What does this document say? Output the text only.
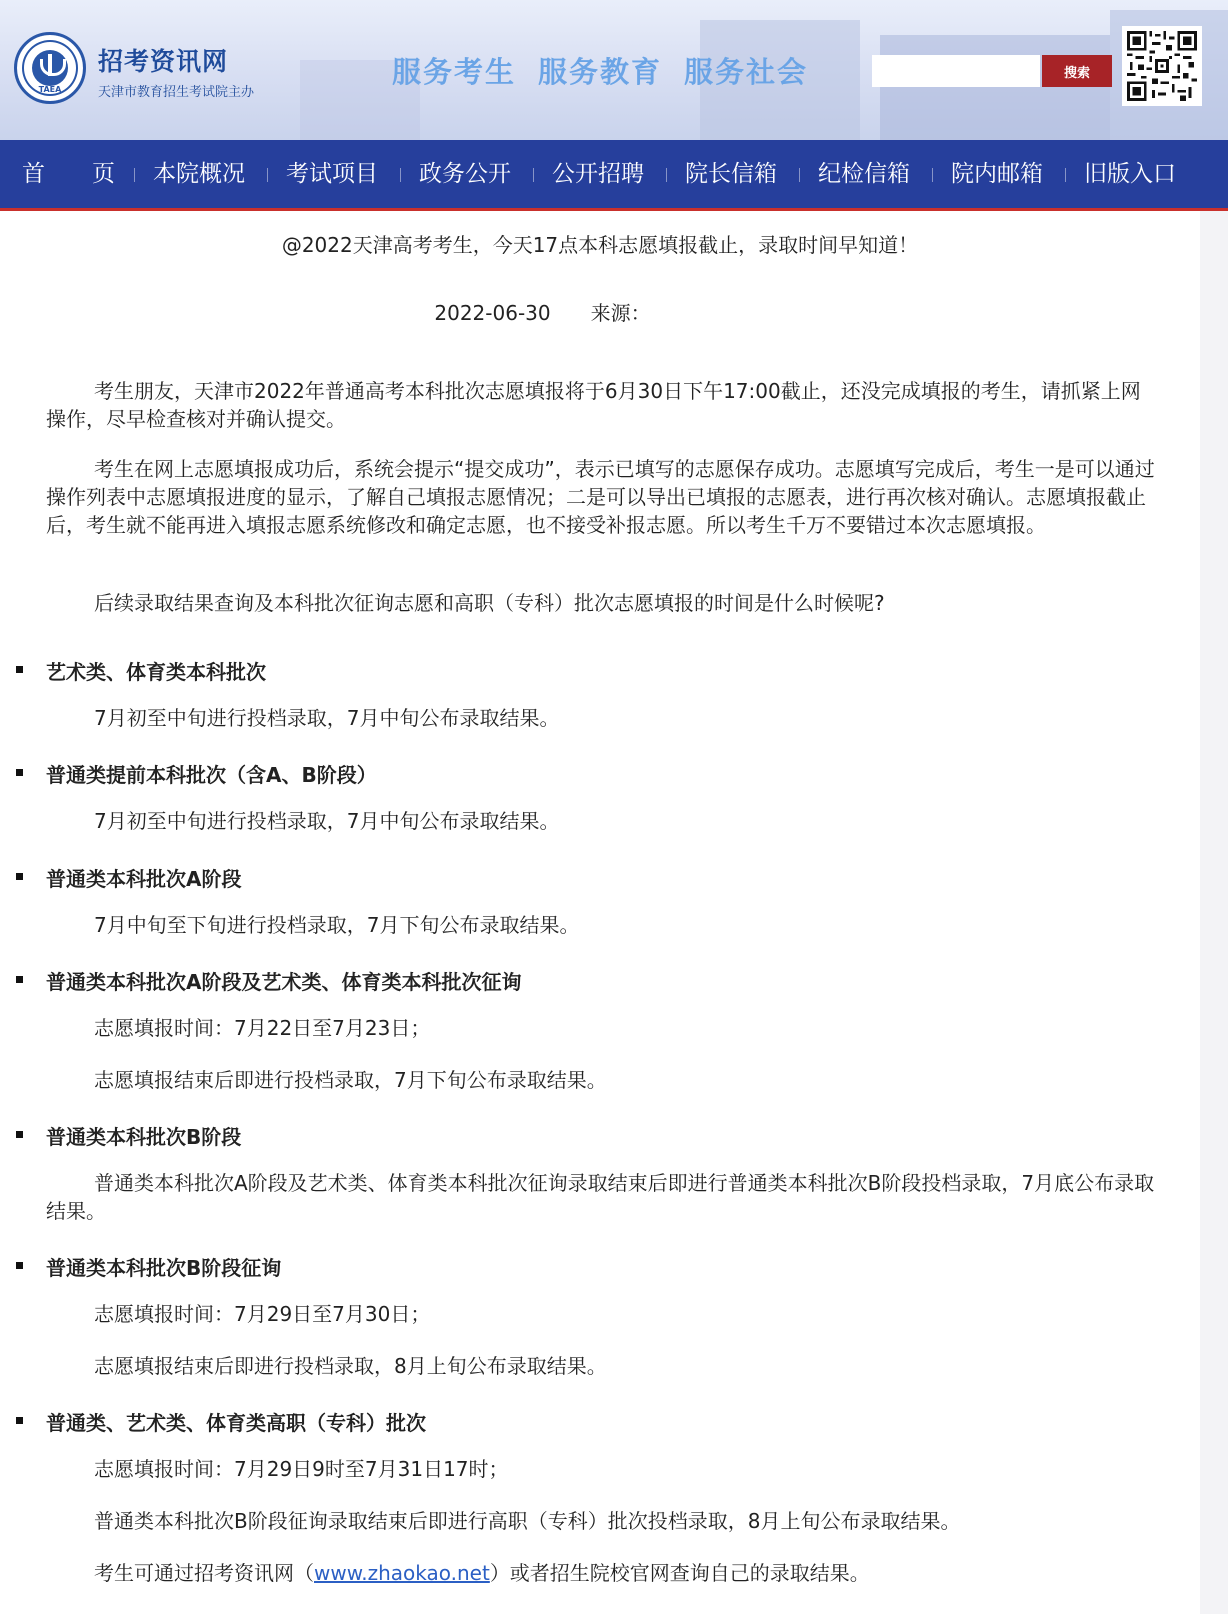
TAEA
招考资讯网
天津市教育招生考试院主办
服务考生 服务教育 服务社会	搜索
首 页 本院概况 考试项目 政务公开 公开招聘 院长信箱 纪检信箱 院内邮箱 旧版入口
@2022天津高考考生，今天17点本科志愿填报截止，录取时间早知道！
2022-06-30 来源：
考生朋友，天津市2022年普通高考本科批次志愿填报将于6月30日下午17:00截止，还没完成填报的考生，请抓紧上网操作，尽早检查核对并确认提交。
考生在网上志愿填报成功后，系统会提示“提交成功”，表示已填写的志愿保存成功。志愿填写完成后，考生一是可以通过操作列表中志愿填报进度的显示，了解自己填报志愿情况；二是可以导出已填报的志愿表，进行再次核对确认。志愿填报截止后，考生就不能再进入填报志愿系统修改和确定志愿，也不接受补报志愿。所以考生千万不要错过本次志愿填报。
后续录取结果查询及本科批次征询志愿和高职（专科）批次志愿填报的时间是什么时候呢?
艺术类、体育类本科批次
7月初至中旬进行投档录取，7月中旬公布录取结果。
普通类提前本科批次（含A、B阶段）
7月初至中旬进行投档录取，7月中旬公布录取结果。
普通类本科批次A阶段
7月中旬至下旬进行投档录取，7月下旬公布录取结果。
普通类本科批次A阶段及艺术类、体育类本科批次征询
志愿填报时间：7月22日至7月23日；
志愿填报结束后即进行投档录取，7月下旬公布录取结果。
普通类本科批次B阶段
普通类本科批次A阶段及艺术类、体育类本科批次征询录取结束后即进行普通类本科批次B阶段投档录取，7月底公布录取结果。
普通类本科批次B阶段征询
志愿填报时间：7月29日至7月30日；
志愿填报结束后即进行投档录取，8月上旬公布录取结果。
普通类、艺术类、体育类高职（专科）批次
志愿填报时间：7月29日9时至7月31日17时；
普通类本科批次B阶段征询录取结束后即进行高职（专科）批次投档录取，8月上旬公布录取结果。
考生可通过招考资讯网（www.zhaokao.net）或者招生院校官网查询自己的录取结果。
